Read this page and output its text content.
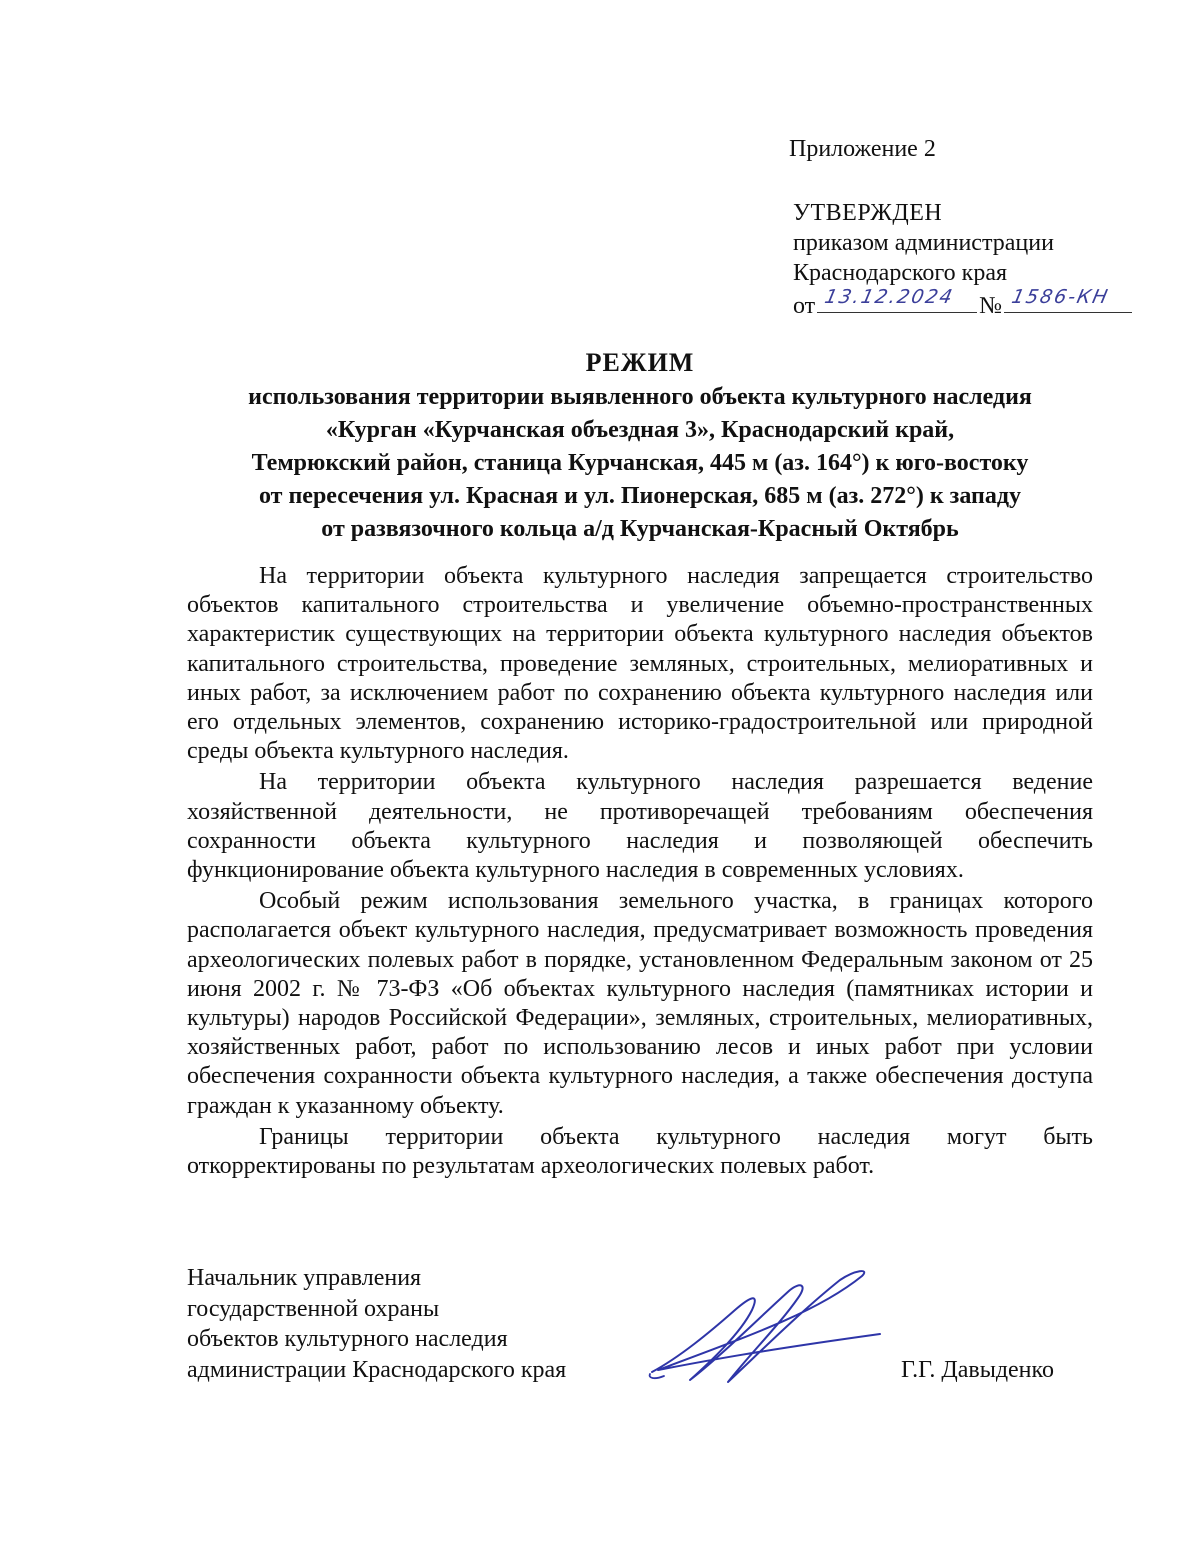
Приложение 2
УТВЕРЖДЕН
приказом администрации
Краснодарского края
от 13.12.2024 № 1586-КН
РЕЖИМ
использования территории выявленного объекта культурного наследия
«Курган «Курчанская объездная 3», Краснодарский край,
Темрюкский район, станица Курчанская, 445 м (аз. 164°) к юго-востоку
от пересечения ул. Красная и ул. Пионерская, 685 м (аз. 272°) к западу
от развязочного кольца а/д Курчанская-Красный Октябрь

На территории объекта культурного наследия запрещается строительство объектов капитального строительства и увеличение объемно-пространственных характеристик существующих на территории объекта культурного наследия объектов капитального строительства, проведение земляных, строительных, мелиоративных и иных работ, за исключением работ по сохранению объекта культурного наследия или его отдельных элементов, сохранению историко-градостроительной или природной среды объекта культурного наследия.

На территории объекта культурного наследия разрешается ведение хозяйственной деятельности, не противоречащей требованиям обеспечения сохранности объекта культурного наследия и позволяющей обеспечить функционирование объекта культурного наследия в современных условиях.

Особый режим использования земельного участка, в границах которого располагается объект культурного наследия, предусматривает возможность проведения археологических полевых работ в порядке, установленном Федеральным законом от 25 июня 2002 г. № 73-ФЗ «Об объектах культурного наследия (памятниках истории и культуры) народов Российской Федерации», земляных, строительных, мелиоративных, хозяйственных работ, работ по использованию лесов и иных работ при условии обеспечения сохранности объекта культурного наследия, а также обеспечения доступа граждан к указанному объекту.

Границы территории объекта культурного наследия могут быть откорректированы по результатам археологических полевых работ.

Начальник управления
государственной охраны
объектов культурного наследия
администрации Краснодарского края	Г.Г. Давыденко
